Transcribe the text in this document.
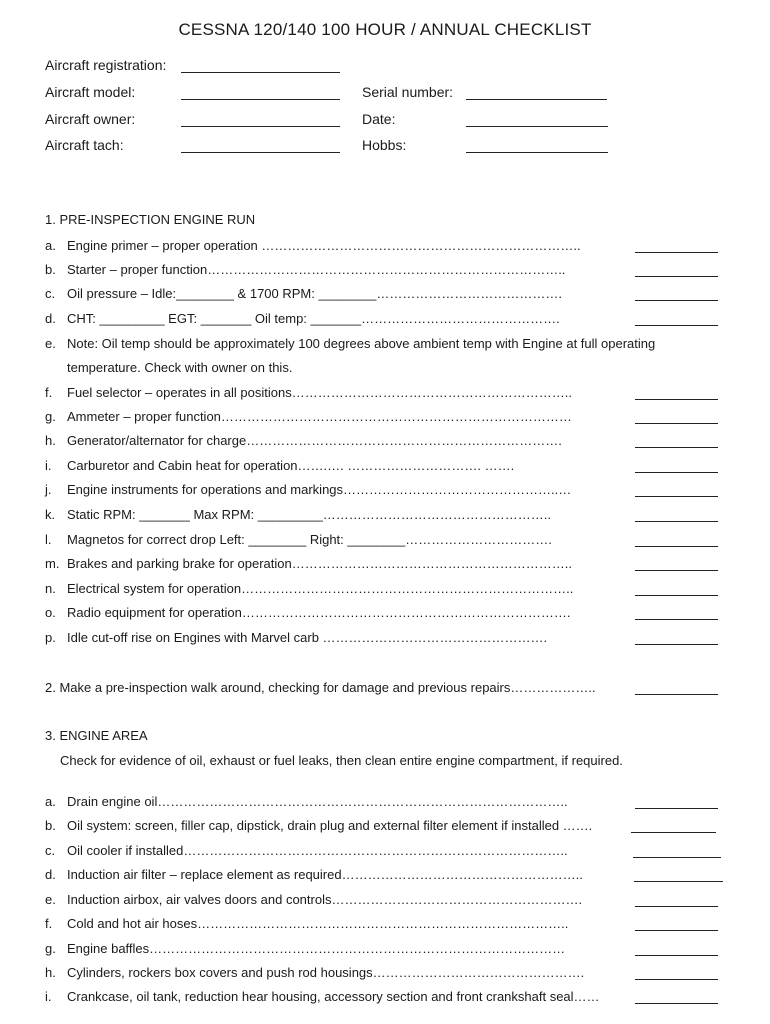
CESSNA 120/140 100 HOUR / ANNUAL CHECKLIST
Aircraft registration:
Aircraft model:	Serial number:
Aircraft owner:	Date:
Aircraft tach:	Hobbs:
1. PRE-INSPECTION ENGINE RUN
a. Engine primer – proper operation ………………………………………………………………..
b. Starter – proper function………………………………………………………………………..
c. Oil pressure – Idle:________ & 1700 RPM: ________…………………………………….
d. CHT: _________ EGT: _______ Oil temp: _______……………………………………….
e. Note: Oil temp should be approximately 100 degrees above ambient temp with Engine at full operating
temperature. Check with owner on this.
f. Fuel selector – operates in all positions………………………………………………………..
g. Ammeter – proper function………………………………………………………………………
h. Generator/alternator for charge……………………………………………………………….
i. Carburetor and Cabin heat for operation…….…. …………………………. …….
j. Engine instruments for operations and markings…………………………………………..…
k. Static RPM: _______ Max RPM: _________……………………………………………..
l. Magnetos for correct drop Left: ________ Right: ________…………………………….
m. Brakes and parking brake for operation………………………………………………………..
n. Electrical system for operation…………………………………………………………………..
o. Radio equipment for operation………………………………………………………………….
p. Idle cut-off rise on Engines with Marvel carb …………………………………………….
2. Make a pre-inspection walk around, checking for damage and previous repairs………………..
3. ENGINE AREA
Check for evidence of oil, exhaust or fuel leaks, then clean entire engine compartment, if required.
a. Drain engine oil…………………………………………………………………………………..
b. Oil system: screen, filler cap, dipstick, drain plug and external filter element if installed …….
c. Oil cooler if installed……………………………………………………………………………..
d. Induction air filter – replace element as required………………………………………………..
e. Induction airbox, air valves doors and controls………………………………………………….
f. Cold and hot air hoses…………………………………………………………………………..
g. Engine baffles……………………………………………………………………………………
h. Cylinders, rockers box covers and push rod housings………………………………………….
i. Crankcase, oil tank, reduction hear housing, accessory section and front crankshaft seal……
